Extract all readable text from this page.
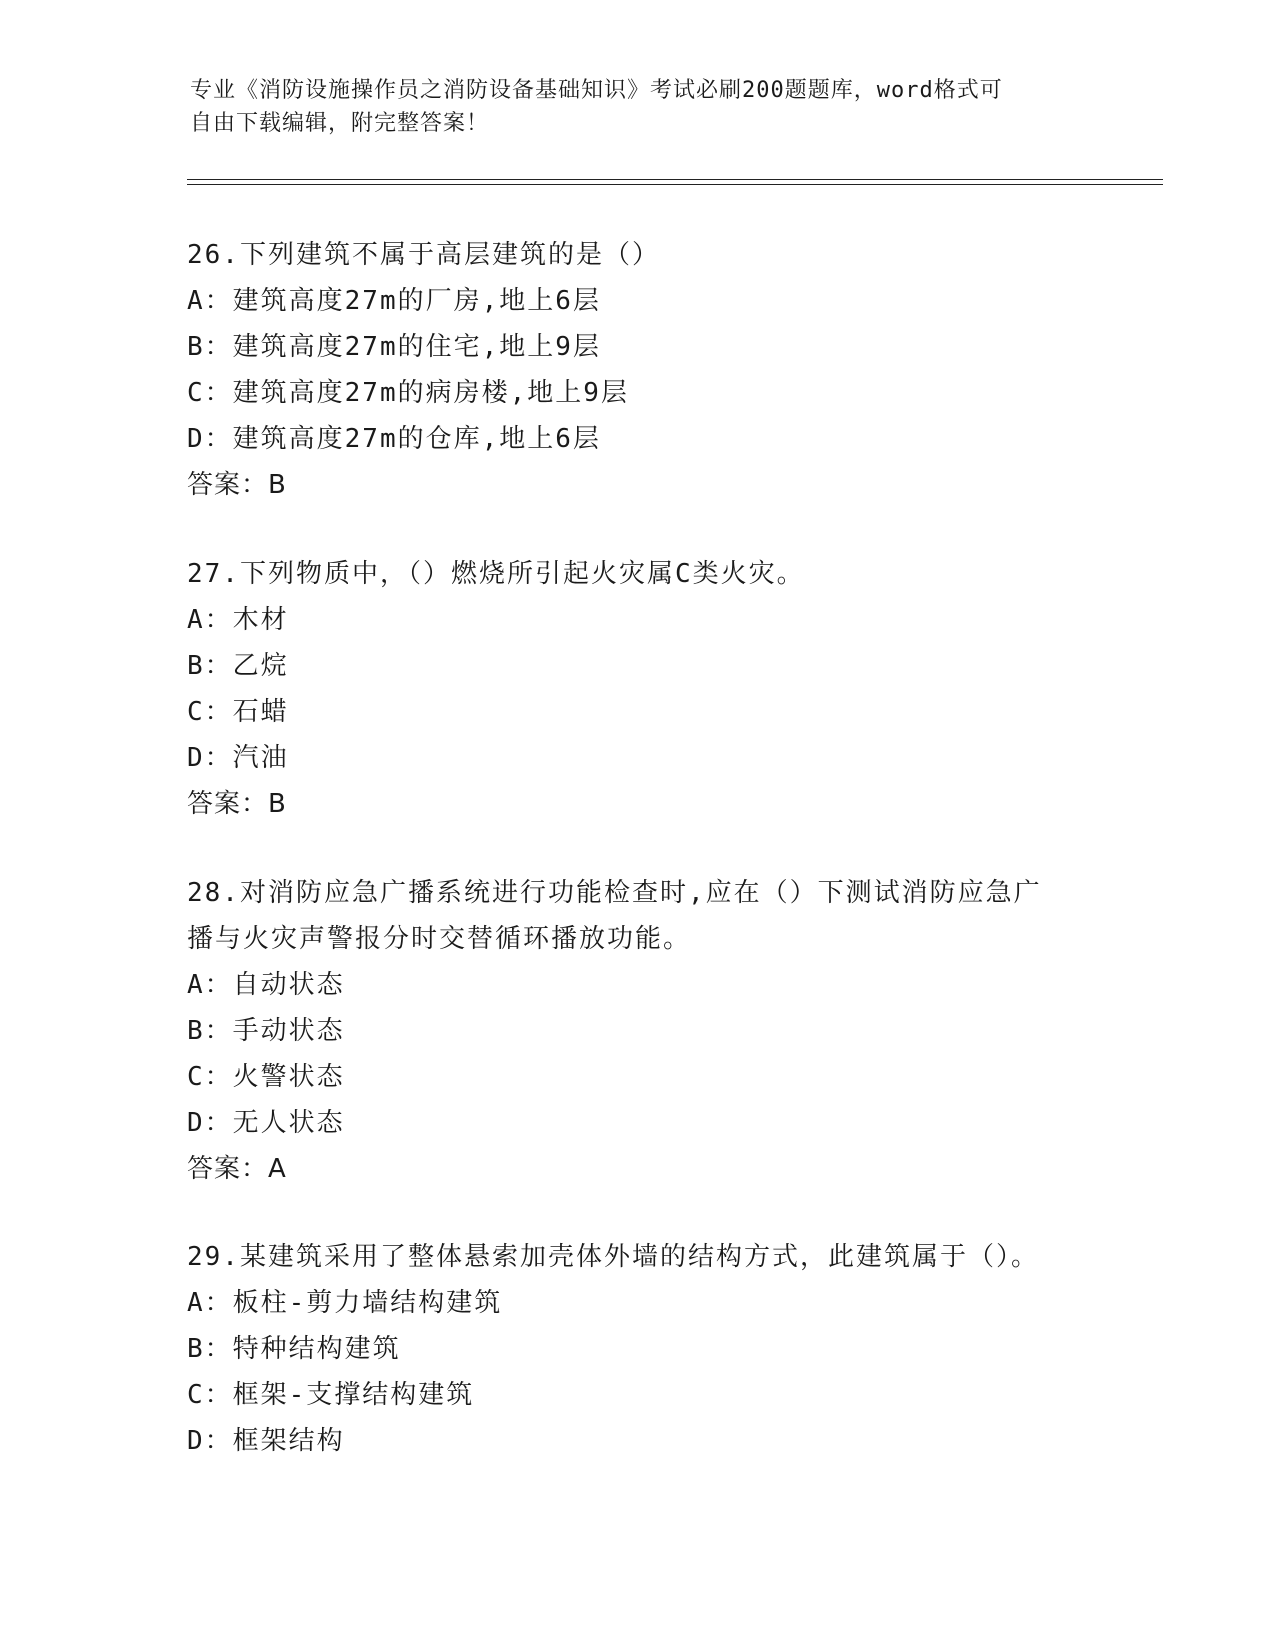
专业《消防设施操作员之消防设备基础知识》考试必刷200题题库，word格式可
自由下载编辑，附完整答案！
26.下列建筑不属于高层建筑的是（）
A：建筑高度27m的厂房,地上6层
B：建筑高度27m的住宅,地上9层
C：建筑高度27m的病房楼,地上9层
D：建筑高度27m的仓库,地上6层
答案：B
27.下列物质中，（）燃烧所引起火灾属C类火灾。
A：木材
B：乙烷
C：石蜡
D：汽油
答案：B
28.对消防应急广播系统进行功能检查时,应在（）下测试消防应急广
播与火灾声警报分时交替循环播放功能。
A：自动状态
B：手动状态
C：火警状态
D：无人状态
答案：A
29.某建筑采用了整体悬索加壳体外墙的结构方式，此建筑属于（）。
A：板柱-剪力墙结构建筑
B：特种结构建筑
C：框架-支撑结构建筑
D：框架结构
